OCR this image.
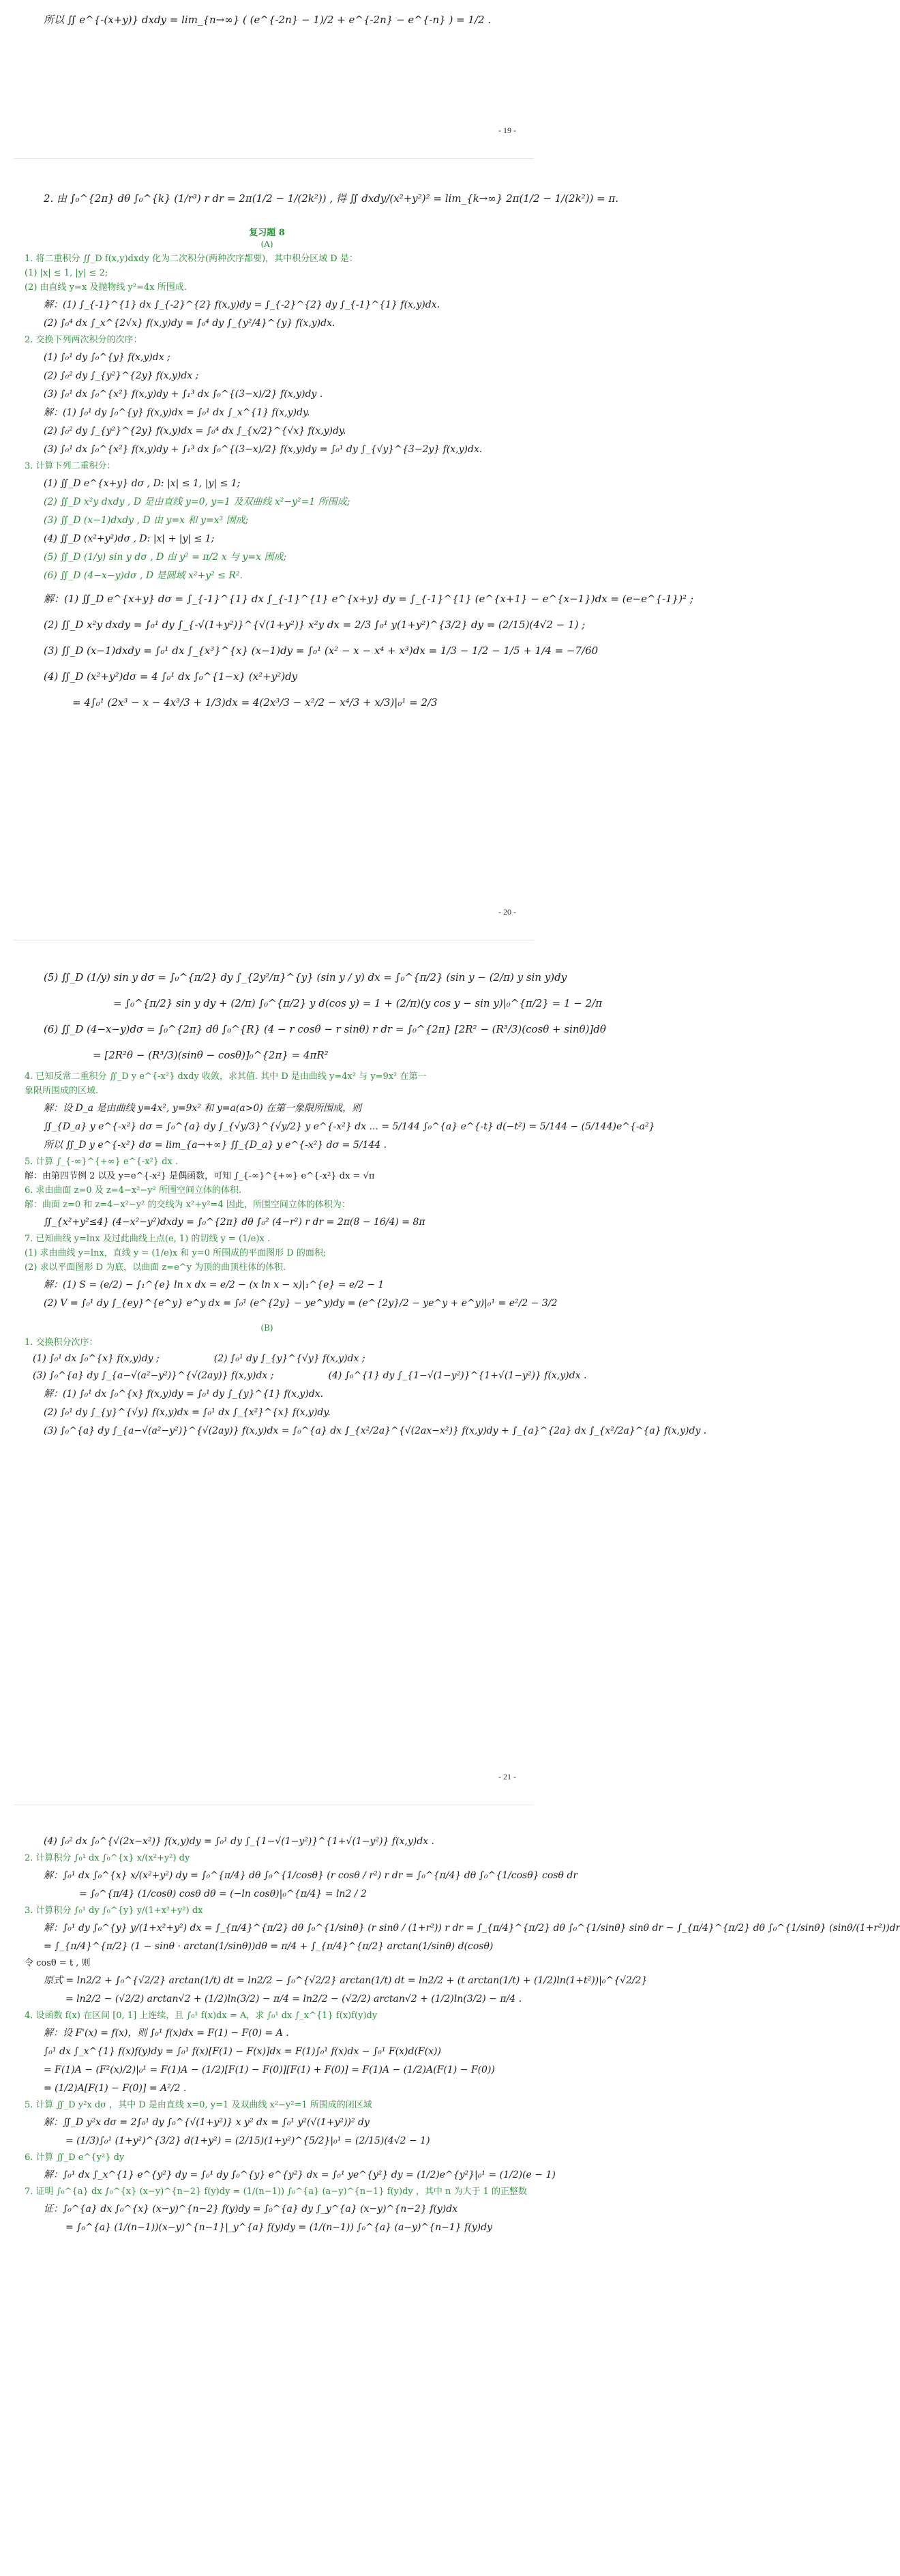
所以 ∬ e^{-(x+y)} dxdy = lim_{n→∞} ( (e^{-2n} − 1)/2 + e^{-2n} − e^{-n} ) = 1/2 .
- 19 -
2. 由 ∫₀^{2π} dθ ∫₀^{k} (1/r³) r dr = 2π(1/2 − 1/(2k²)) , 得 ∬ dxdy/(x²+y²)² = lim_{k→∞} 2π(1/2 − 1/(2k²)) = π.
复习题 8
(A)
1. 将二重积分 ∬_D f(x,y)dxdy 化为二次积分(两种次序都要)，其中积分区域 D 是：
(1) |x| ≤ 1, |y| ≤ 2;
(2) 由直线 y=x 及抛物线 y²=4x 所围成.
解：(1) ∫_{-1}^{1} dx ∫_{-2}^{2} f(x,y)dy = ∫_{-2}^{2} dy ∫_{-1}^{1} f(x,y)dx.
(2) ∫₀⁴ dx ∫_x^{2√x} f(x,y)dy = ∫₀⁴ dy ∫_{y²/4}^{y} f(x,y)dx.
2. 交换下列两次积分的次序：
(1) ∫₀¹ dy ∫₀^{y} f(x,y)dx ;
(2) ∫₀² dy ∫_{y²}^{2y} f(x,y)dx ;
(3) ∫₀¹ dx ∫₀^{x²} f(x,y)dy + ∫₁³ dx ∫₀^{(3−x)/2} f(x,y)dy .
解：(1) ∫₀¹ dy ∫₀^{y} f(x,y)dx = ∫₀¹ dx ∫_x^{1} f(x,y)dy.
(2) ∫₀² dy ∫_{y²}^{2y} f(x,y)dx = ∫₀⁴ dx ∫_{x/2}^{√x} f(x,y)dy.
(3) ∫₀¹ dx ∫₀^{x²} f(x,y)dy + ∫₁³ dx ∫₀^{(3−x)/2} f(x,y)dy = ∫₀¹ dy ∫_{√y}^{3−2y} f(x,y)dx.
3. 计算下列二重积分：
(1) ∬_D e^{x+y} dσ , D: |x| ≤ 1, |y| ≤ 1;
(2) ∬_D x²y dxdy , D 是由直线 y=0, y=1 及双曲线 x²−y²=1 所围成;
(3) ∬_D (x−1)dxdy , D 由 y=x 和 y=x³ 围成;
(4) ∬_D (x²+y²)dσ , D: |x| + |y| ≤ 1;
(5) ∬_D (1/y) sin y dσ , D 由 y² = π/2 x 与 y=x 围成;
(6) ∬_D (4−x−y)dσ , D 是圆域 x²+y² ≤ R².
解：(1) ∬_D e^{x+y} dσ = ∫_{-1}^{1} dx ∫_{-1}^{1} e^{x+y} dy = ∫_{-1}^{1} (e^{x+1} − e^{x−1})dx = (e−e^{-1})² ;
(2) ∬_D x²y dxdy = ∫₀¹ dy ∫_{-√(1+y²)}^{√(1+y²)} x²y dx = 2/3 ∫₀¹ y(1+y²)^{3/2} dy = (2/15)(4√2 − 1) ;
(3) ∬_D (x−1)dxdy = ∫₀¹ dx ∫_{x³}^{x} (x−1)dy = ∫₀¹ (x² − x − x⁴ + x³)dx = 1/3 − 1/2 − 1/5 + 1/4 = −7/60
(4) ∬_D (x²+y²)dσ = 4 ∫₀¹ dx ∫₀^{1−x} (x²+y²)dy
= 4∫₀¹ (2x³ − x − 4x³/3 + 1/3)dx = 4(2x³/3 − x²/2 − x⁴/3 + x/3)|₀¹ = 2/3
- 20 -
(5) ∬_D (1/y) sin y dσ = ∫₀^{π/2} dy ∫_{2y²/π}^{y} (sin y / y) dx = ∫₀^{π/2} (sin y − (2/π) y sin y)dy
= ∫₀^{π/2} sin y dy + (2/π) ∫₀^{π/2} y d(cos y) = 1 + (2/π)(y cos y − sin y)|₀^{π/2} = 1 − 2/π
(6) ∬_D (4−x−y)dσ = ∫₀^{2π} dθ ∫₀^{R} (4 − r cosθ − r sinθ) r dr = ∫₀^{2π} [2R² − (R³/3)(cosθ + sinθ)]dθ
= [2R²θ − (R³/3)(sinθ − cosθ)]₀^{2π} = 4πR²
4. 已知反常二重积分 ∬_D y e^{-x²} dxdy 收敛，求其值. 其中 D 是由曲线 y=4x² 与 y=9x² 在第一
象限所围成的区域.
解：设 D_a 是由曲线 y=4x², y=9x² 和 y=a(a>0) 在第一象限所围成，则
∬_{D_a} y e^{-x²} dσ = ∫₀^{a} dy ∫_{√y/3}^{√y/2} y e^{-x²} dx ... = 5/144 ∫₀^{a} e^{-t} d(−t²) = 5/144 − (5/144)e^{-a²}
所以 ∬_D y e^{-x²} dσ = lim_{a→+∞} ∬_{D_a} y e^{-x²} dσ = 5/144 .
5. 计算 ∫_{-∞}^{+∞} e^{-x²} dx .
解：由第四节例 2 以及 y=e^{-x²} 是偶函数，可知 ∫_{-∞}^{+∞} e^{-x²} dx = √π
6. 求由曲面 z=0 及 z=4−x²−y² 所围空间立体的体积.
解：曲面 z=0 和 z=4−x²−y² 的交线为 x²+y²=4 因此，所围空间立体的体积为：
∬_{x²+y²≤4} (4−x²−y²)dxdy = ∫₀^{2π} dθ ∫₀² (4−r²) r dr = 2π(8 − 16/4) = 8π
7. 已知曲线 y=lnx 及过此曲线上点(e, 1) 的切线 y = (1/e)x .
(1) 求由曲线 y=lnx，直线 y = (1/e)x 和 y=0 所围成的平面图形 D 的面积;
(2) 求以平面图形 D 为底，以曲面 z=e^y 为顶的曲顶柱体的体积.
解：(1) S = (e/2) − ∫₁^{e} ln x dx = e/2 − (x ln x − x)|₁^{e} = e/2 − 1
(2) V = ∫₀¹ dy ∫_{ey}^{e^y} e^y dx = ∫₀¹ (e^{2y} − ye^y)dy = (e^{2y}/2 − ye^y + e^y)|₀¹ = e²/2 − 3/2
(B)
1. 交换积分次序：
(1) ∫₀¹ dx ∫₀^{x} f(x,y)dy ;	(2) ∫₀¹ dy ∫_{y}^{√y} f(x,y)dx ;
(3) ∫₀^{a} dy ∫_{a−√(a²−y²)}^{√(2ay)} f(x,y)dx ;	(4) ∫₀^{1} dy ∫_{1−√(1−y²)}^{1+√(1−y²)} f(x,y)dx .
解：(1) ∫₀¹ dx ∫₀^{x} f(x,y)dy = ∫₀¹ dy ∫_{y}^{1} f(x,y)dx.
(2) ∫₀¹ dy ∫_{y}^{√y} f(x,y)dx = ∫₀¹ dx ∫_{x²}^{x} f(x,y)dy.
(3) ∫₀^{a} dy ∫_{a−√(a²−y²)}^{√(2ay)} f(x,y)dx = ∫₀^{a} dx ∫_{x²/2a}^{√(2ax−x²)} f(x,y)dy + ∫_{a}^{2a} dx ∫_{x²/2a}^{a} f(x,y)dy .
- 21 -
(4) ∫₀² dx ∫₀^{√(2x−x²)} f(x,y)dy = ∫₀¹ dy ∫_{1−√(1−y²)}^{1+√(1−y²)} f(x,y)dx .
2. 计算积分 ∫₀¹ dx ∫₀^{x} x/(x²+y²) dy
解：∫₀¹ dx ∫₀^{x} x/(x²+y²) dy = ∫₀^{π/4} dθ ∫₀^{1/cosθ} (r cosθ / r²) r dr = ∫₀^{π/4} dθ ∫₀^{1/cosθ} cosθ dr
= ∫₀^{π/4} (1/cosθ) cosθ dθ = (−ln cosθ)|₀^{π/4} = ln2 / 2
3. 计算积分 ∫₀¹ dy ∫₀^{y} y/(1+x²+y²) dx
解：∫₀¹ dy ∫₀^{y} y/(1+x²+y²) dx = ∫_{π/4}^{π/2} dθ ∫₀^{1/sinθ} (r sinθ / (1+r²)) r dr = ∫_{π/4}^{π/2} dθ ∫₀^{1/sinθ} sinθ dr − ∫_{π/4}^{π/2} dθ ∫₀^{1/sinθ} (sinθ/(1+r²))dr
= ∫_{π/4}^{π/2} (1 − sinθ · arctan(1/sinθ))dθ = π/4 + ∫_{π/4}^{π/2} arctan(1/sinθ) d(cosθ)
令 cosθ = t , 则
原式 = ln2/2 + ∫₀^{√2/2} arctan(1/t) dt = ln2/2 − ∫₀^{√2/2} arctan(1/t) dt = ln2/2 + (t arctan(1/t) + (1/2)ln(1+t²))|₀^{√2/2}
= ln2/2 − (√2/2) arctan√2 + (1/2)ln(3/2) − π/4 = ln2/2 − (√2/2) arctan√2 + (1/2)ln(3/2) − π/4 .
4. 设函数 f(x) 在区间 [0, 1] 上连续，且 ∫₀¹ f(x)dx = A，求 ∫₀¹ dx ∫_x^{1} f(x)f(y)dy
解：设 F'(x) = f(x)，则 ∫₀¹ f(x)dx = F(1) − F(0) = A .
∫₀¹ dx ∫_x^{1} f(x)f(y)dy = ∫₀¹ f(x)[F(1) − F(x)]dx = F(1)∫₀¹ f(x)dx − ∫₀¹ F(x)d(F(x))
= F(1)A − (F²(x)/2)|₀¹ = F(1)A − (1/2)[F(1) − F(0)][F(1) + F(0)] = F(1)A − (1/2)A(F(1) − F(0))
= (1/2)A[F(1) − F(0)] = A²/2 .
5. 计算 ∬_D y²x dσ ，其中 D 是由直线 x=0, y=1 及双曲线 x²−y²=1 所围成的闭区域
解：∬_D y²x dσ = 2∫₀¹ dy ∫₀^{√(1+y²)} x y² dx = ∫₀¹ y²(√(1+y²))² dy
= (1/3)∫₀¹ (1+y²)^{3/2} d(1+y²) = (2/15)(1+y²)^{5/2}|₀¹ = (2/15)(4√2 − 1)
6. 计算 ∬_D e^{y²} dy
解：∫₀¹ dx ∫_x^{1} e^{y²} dy = ∫₀¹ dy ∫₀^{y} e^{y²} dx = ∫₀¹ ye^{y²} dy = (1/2)e^{y²}|₀¹ = (1/2)(e − 1)
7. 证明 ∫₀^{a} dx ∫₀^{x} (x−y)^{n−2} f(y)dy = (1/(n−1)) ∫₀^{a} (a−y)^{n−1} f(y)dy ，其中 n 为大于 1 的正整数
证：∫₀^{a} dx ∫₀^{x} (x−y)^{n−2} f(y)dy = ∫₀^{a} dy ∫_y^{a} (x−y)^{n−2} f(y)dx
= ∫₀^{a} (1/(n−1))(x−y)^{n−1}|_y^{a} f(y)dy = (1/(n−1)) ∫₀^{a} (a−y)^{n−1} f(y)dy
